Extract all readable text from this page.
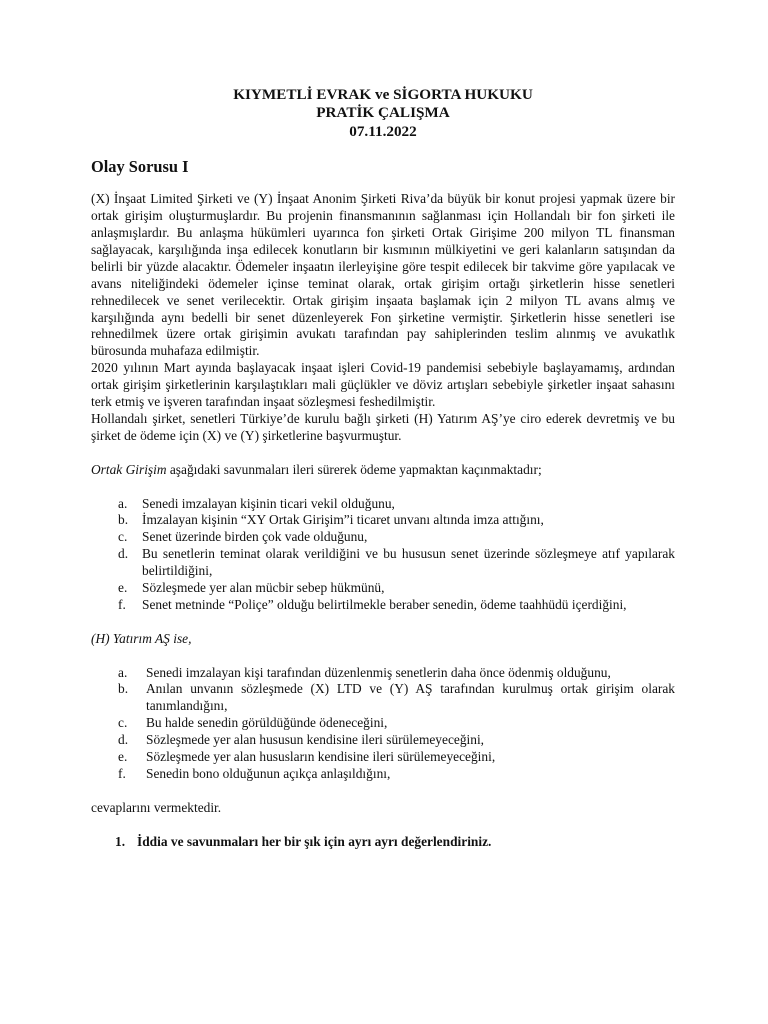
KIYMETLİ EVRAK ve SİGORTA HUKUKU

PRATİK ÇALIŞMA

07.11.2022

Olay Sorusu I

(X) İnşaat Limited Şirketi ve (Y) İnşaat Anonim Şirketi Riva’da büyük bir konut projesi yapmak üzere bir ortak girişim oluşturmuşlardır. Bu projenin finansmanının sağlanması için Hollandalı bir fon şirketi ile anlaşmışlardır. Bu anlaşma hükümleri uyarınca fon şirketi Ortak Girişime 200 milyon TL finansman sağlayacak, karşılığında inşa edilecek konutların bir kısmının mülkiyetini ve geri kalanların satışından da belirli bir yüzde alacaktır. Ödemeler inşaatın ilerleyişine göre tespit edilecek bir takvime göre yapılacak ve avans niteliğindeki ödemeler içinse teminat olarak, ortak girişim ortağı şirketlerin hisse senetleri rehnedilecek ve senet verilecektir. Ortak girişim inşaata başlamak için 2 milyon TL avans almış ve karşılığında aynı bedelli bir senet düzenleyerek Fon şirketine vermiştir. Şirketlerin hisse senetleri ise rehnedilmek üzere ortak girişimin avukatı tarafından pay sahiplerinden teslim alınmış ve avukatlık bürosunda muhafaza edilmiştir.

2020 yılının Mart ayında başlayacak inşaat işleri Covid-19 pandemisi sebebiyle başlayamamış, ardından ortak girişim şirketlerinin karşılaştıkları mali güçlükler ve döviz artışları sebebiyle şirketler inşaat sahasını terk etmiş ve işveren tarafından inşaat sözleşmesi feshedilmiştir.

Hollandalı şirket, senetleri Türkiye’de kurulu bağlı şirketi (H) Yatırım AŞ’ye ciro ederek devretmiş ve bu şirket de ödeme için (X) ve (Y) şirketlerine başvurmuştur.

Ortak Girişim aşağıdaki savunmaları ileri sürerek ödeme yapmaktan kaçınmaktadır;

a. Senedi imzalayan kişinin ticari vekil olduğunu,
b. İmzalayan kişinin “XY Ortak Girişim”i ticaret unvanı altında imza attığını,
c. Senet üzerinde birden çok vade olduğunu,
d. Bu senetlerin teminat olarak verildiğini ve bu hususun senet üzerinde sözleşmeye atıf yapılarak belirtildiğini,
e. Sözleşmede yer alan mücbir sebep hükmünü,
f. Senet metninde “Poliçe” olduğu belirtilmekle beraber senedin, ödeme taahhüdü içerdiğini,

(H) Yatırım AŞ ise,

a. Senedi imzalayan kişi tarafından düzenlenmiş senetlerin daha önce ödenmiş olduğunu,
b. Anılan unvanın sözleşmede (X) LTD ve (Y) AŞ tarafından kurulmuş ortak girişim olarak tanımlandığını,
c. Bu halde senedin görüldüğünde ödeneceğini,
d. Sözleşmede yer alan hususun kendisine ileri sürülemeyeceğini,
e. Sözleşmede yer alan hususların kendisine ileri sürülemeyeceğini,
f. Senedin bono olduğunun açıkça anlaşıldığını,

cevaplarını vermektedir.

1. İddia ve savunmaları her bir şık için ayrı ayrı değerlendiriniz.
